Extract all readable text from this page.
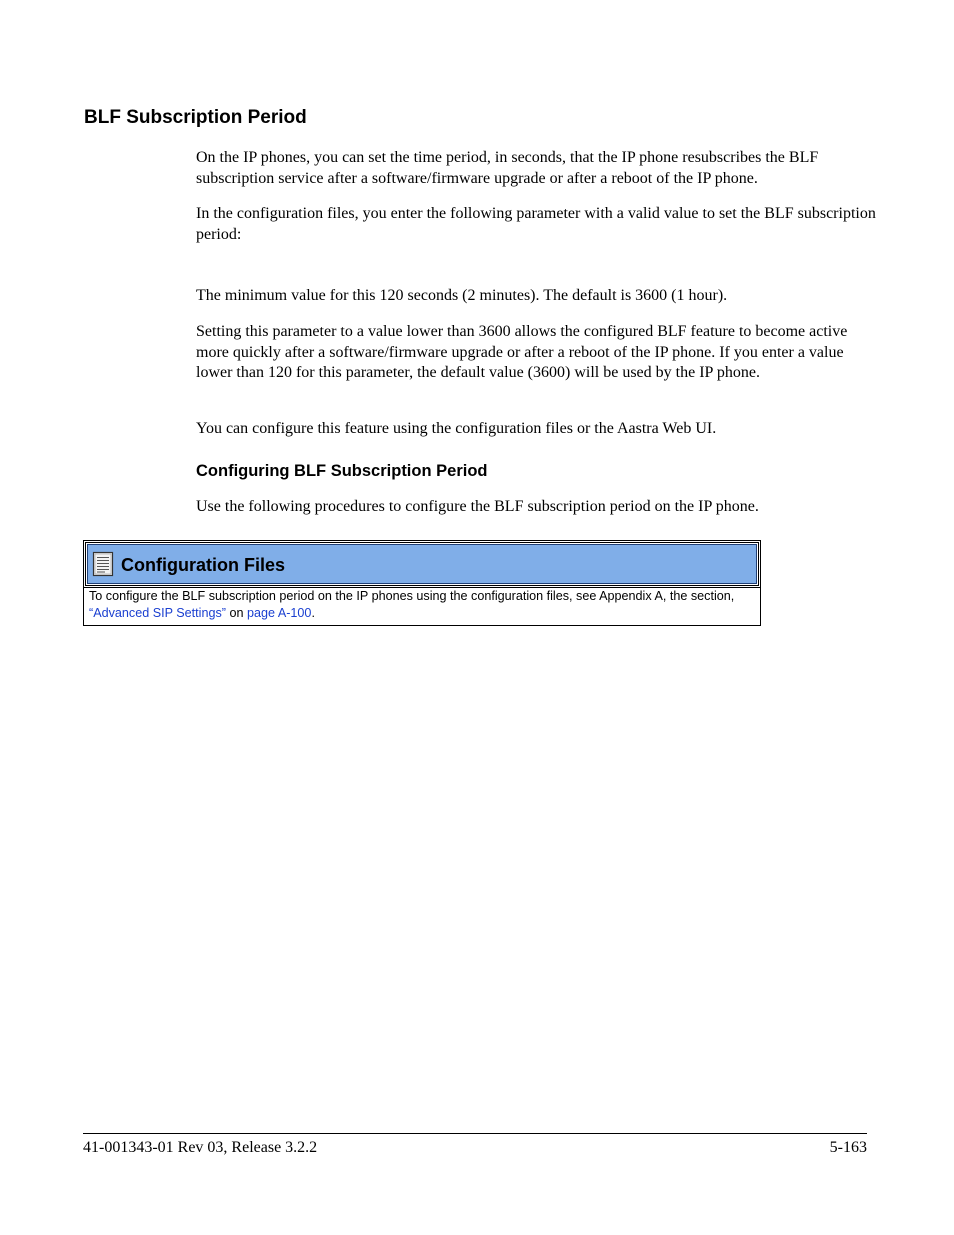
BLF Subscription Period

On the IP phones, you can set the time period, in seconds, that the IP phone resubscribes the BLF subscription service after a software/firmware upgrade or after a reboot of the IP phone.

In the configuration files, you enter the following parameter with a valid value to set the BLF subscription period:

The minimum value for this 120 seconds (2 minutes). The default is 3600 (1 hour).

Setting this parameter to a value lower than 3600 allows the configured BLF feature to become active more quickly after a software/firmware upgrade or after a reboot of the IP phone. If you enter a value lower than 120 for this parameter, the default value (3600) will be used by the IP phone.

You can configure this feature using the configuration files or the Aastra Web UI.

Configuring BLF Subscription Period

Use the following procedures to configure the BLF subscription period on the IP phone.

Configuration Files

To configure the BLF subscription period on the IP phones using the configuration files, see Appendix A, the section, “Advanced SIP Settings” on page A-100.

41-001343-01 Rev 03, Release 3.2.2	5-163
